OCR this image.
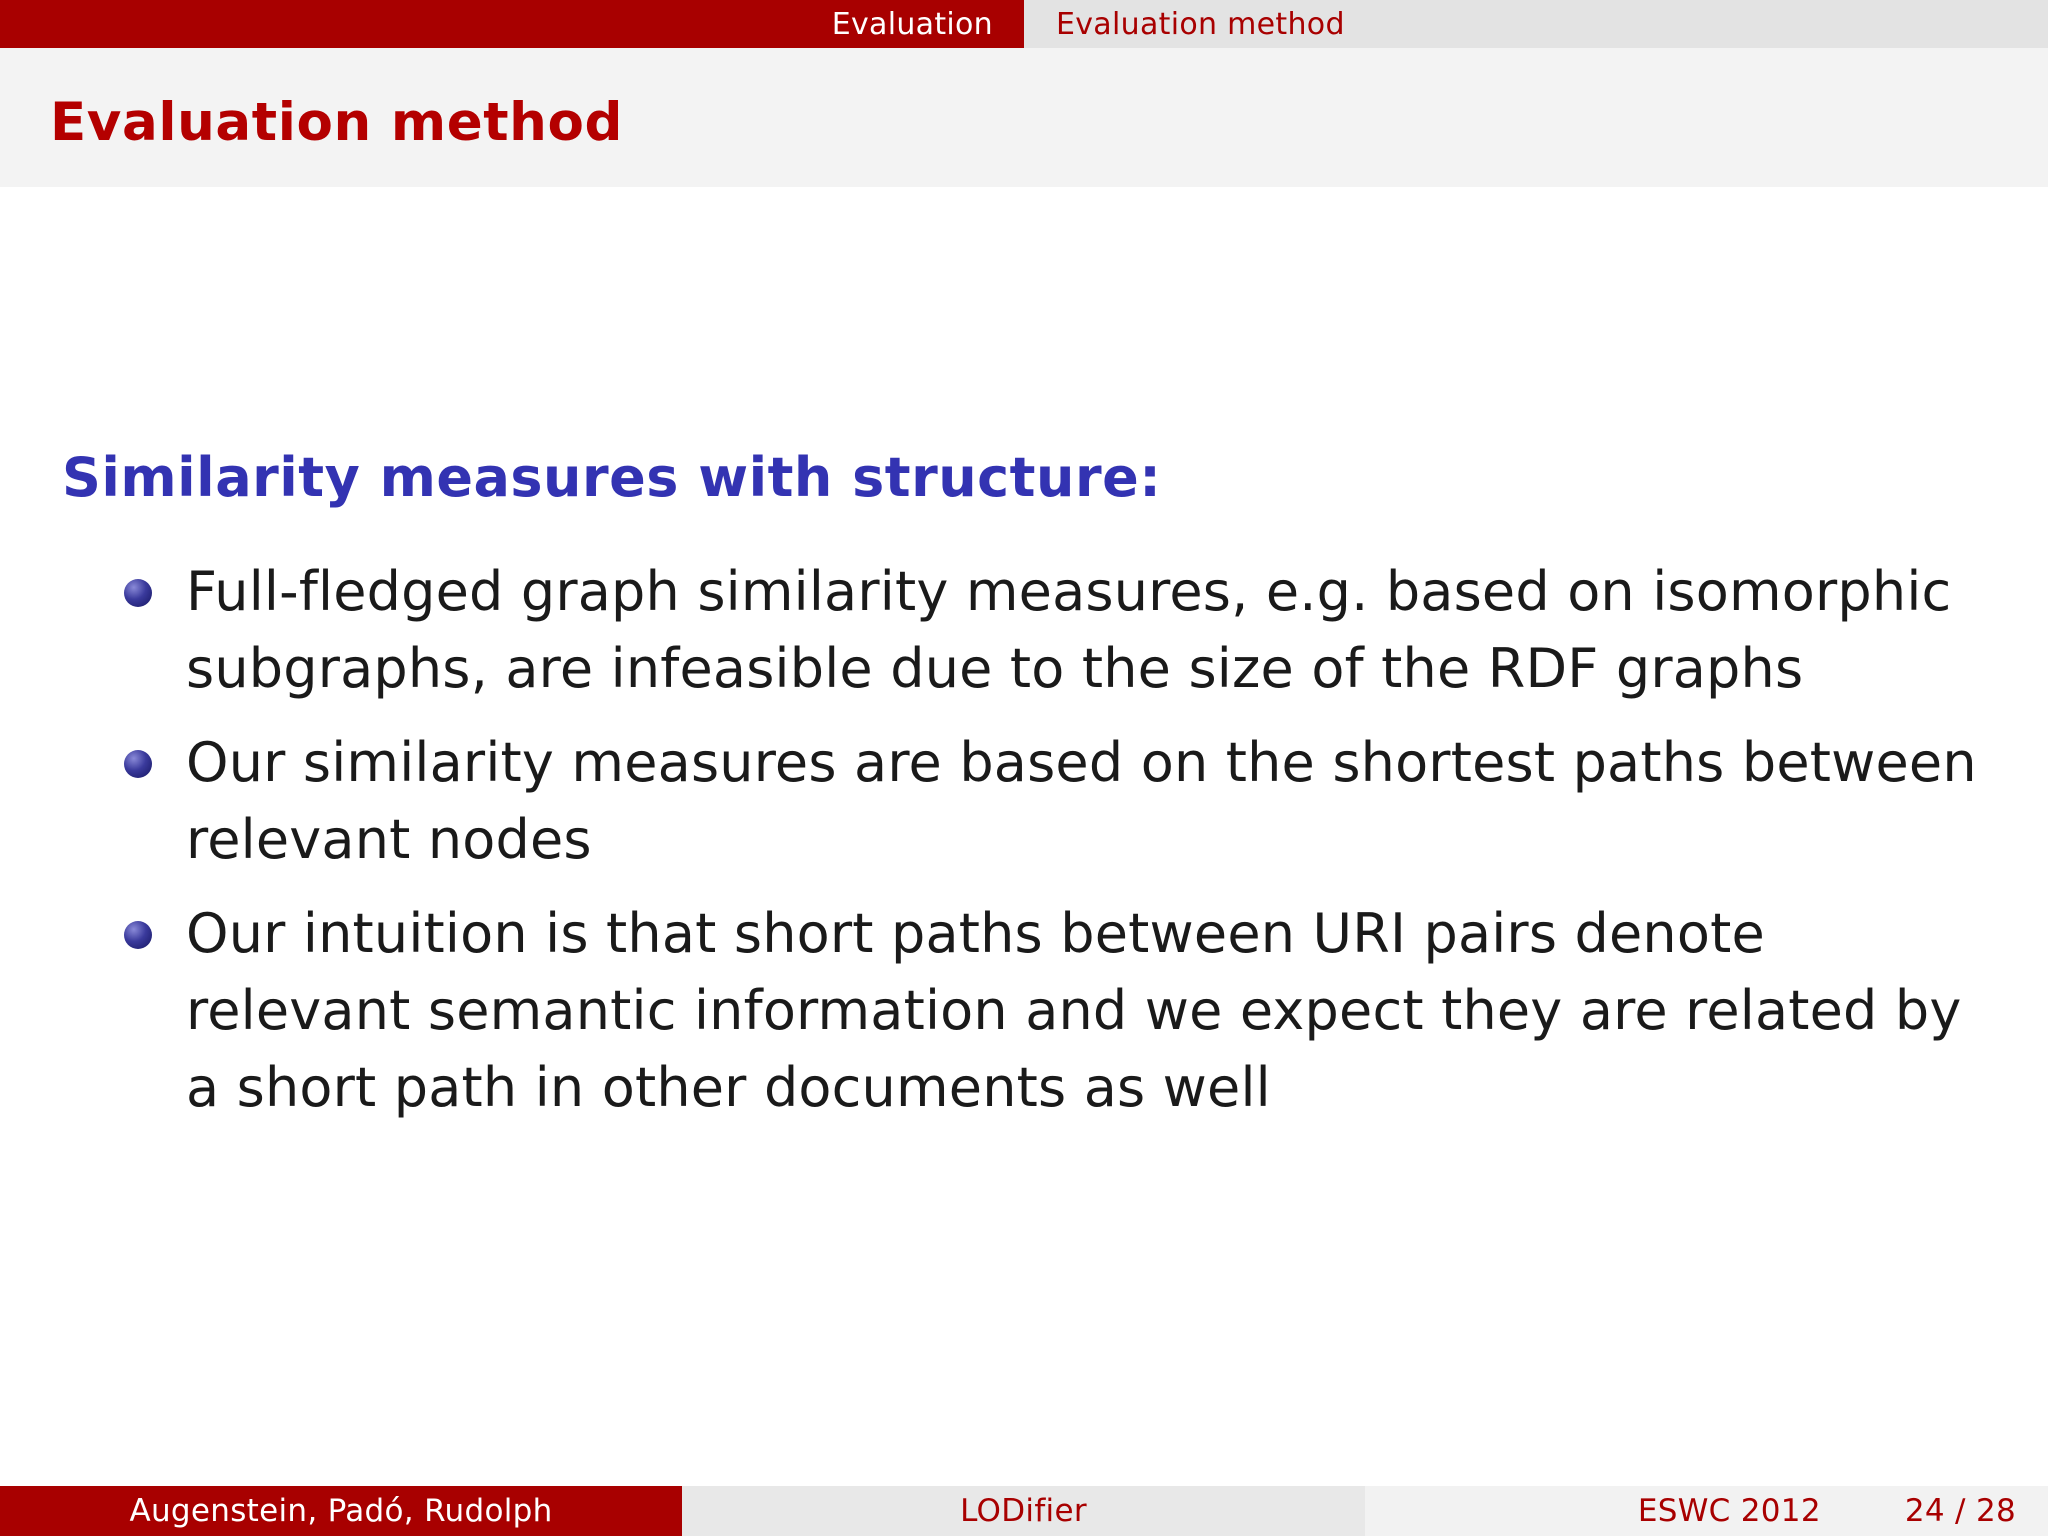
Evaluation Evaluation method
Evaluation method
Similarity measures with structure:
Full-fledged graph similarity measures, e.g. based on isomorphic subgraphs, are infeasible due to the size of the RDF graphs
Our similarity measures are based on the shortest paths between relevant nodes
Our intuition is that short paths between URI pairs denote relevant semantic information and we expect they are related by a short path in other documents as well
Augenstein, Padó, Rudolph	LODifier	ESWC 2012	24 / 28
